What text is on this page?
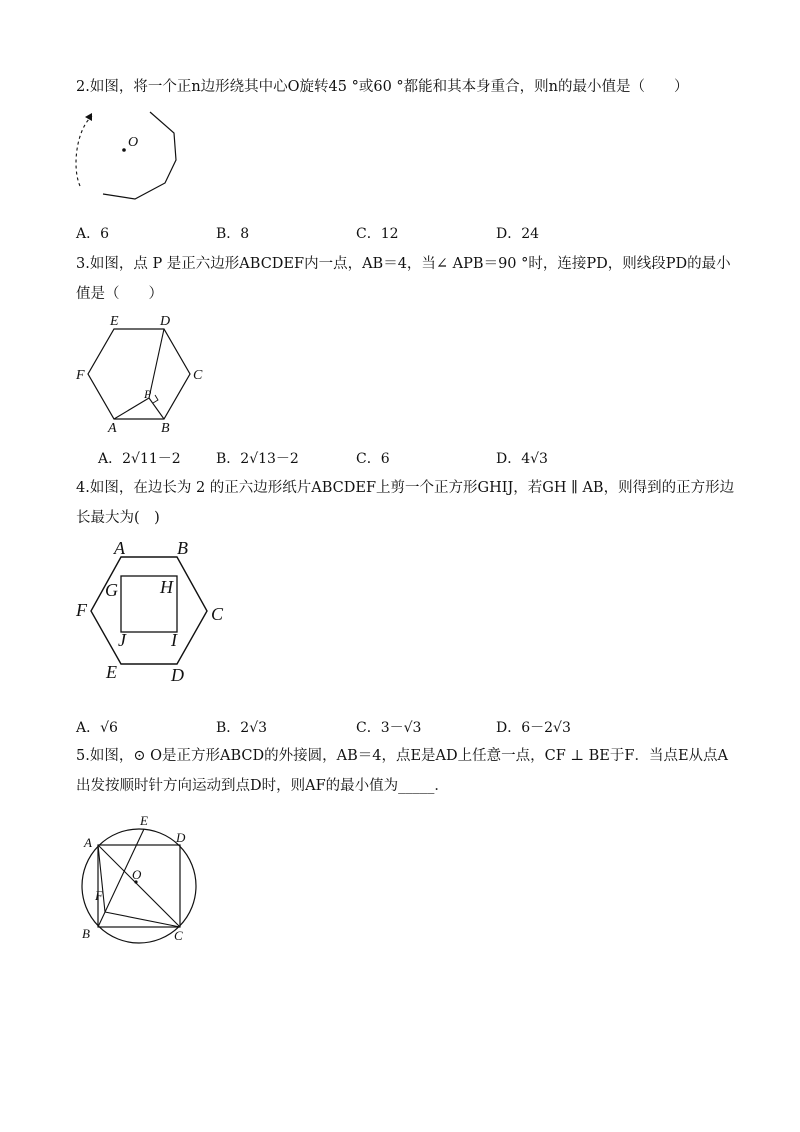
2.如图，将一个正n边形绕其中心O旋转45 °或60 °都能和其本身重合，则n的最小值是（　　）
O
A．6	B．8	C．12	D．24
3.如图，点 P 是正六边形ABCDEF内一点，AB＝4，当∠ APB＝90 °时，连接PD，则线段PD的最小
值是（　　）
A	B
C
D
E
F
P
A．2√11－2	B．2√13－2	C．6	D．4√3
4.如图，在边长为 2 的正六边形纸片ABCDEF上剪一个正方形GHIJ，若GH ∥ AB，则得到的正方形边
长最大为(　)
A	B
C
D
E
F
G H
I
J
A．√6	B．2√3	C．3－√3	D．6－2√3
5.如图，⊙ O是正方形ABCD的外接圆，AB＝4，点E是AD上任意一点，CF ⊥ BE于F．当点E从点A
出发按顺时针方向运动到点D时，则AF的最小值为_____．
A
B	C
D
E
F
O
